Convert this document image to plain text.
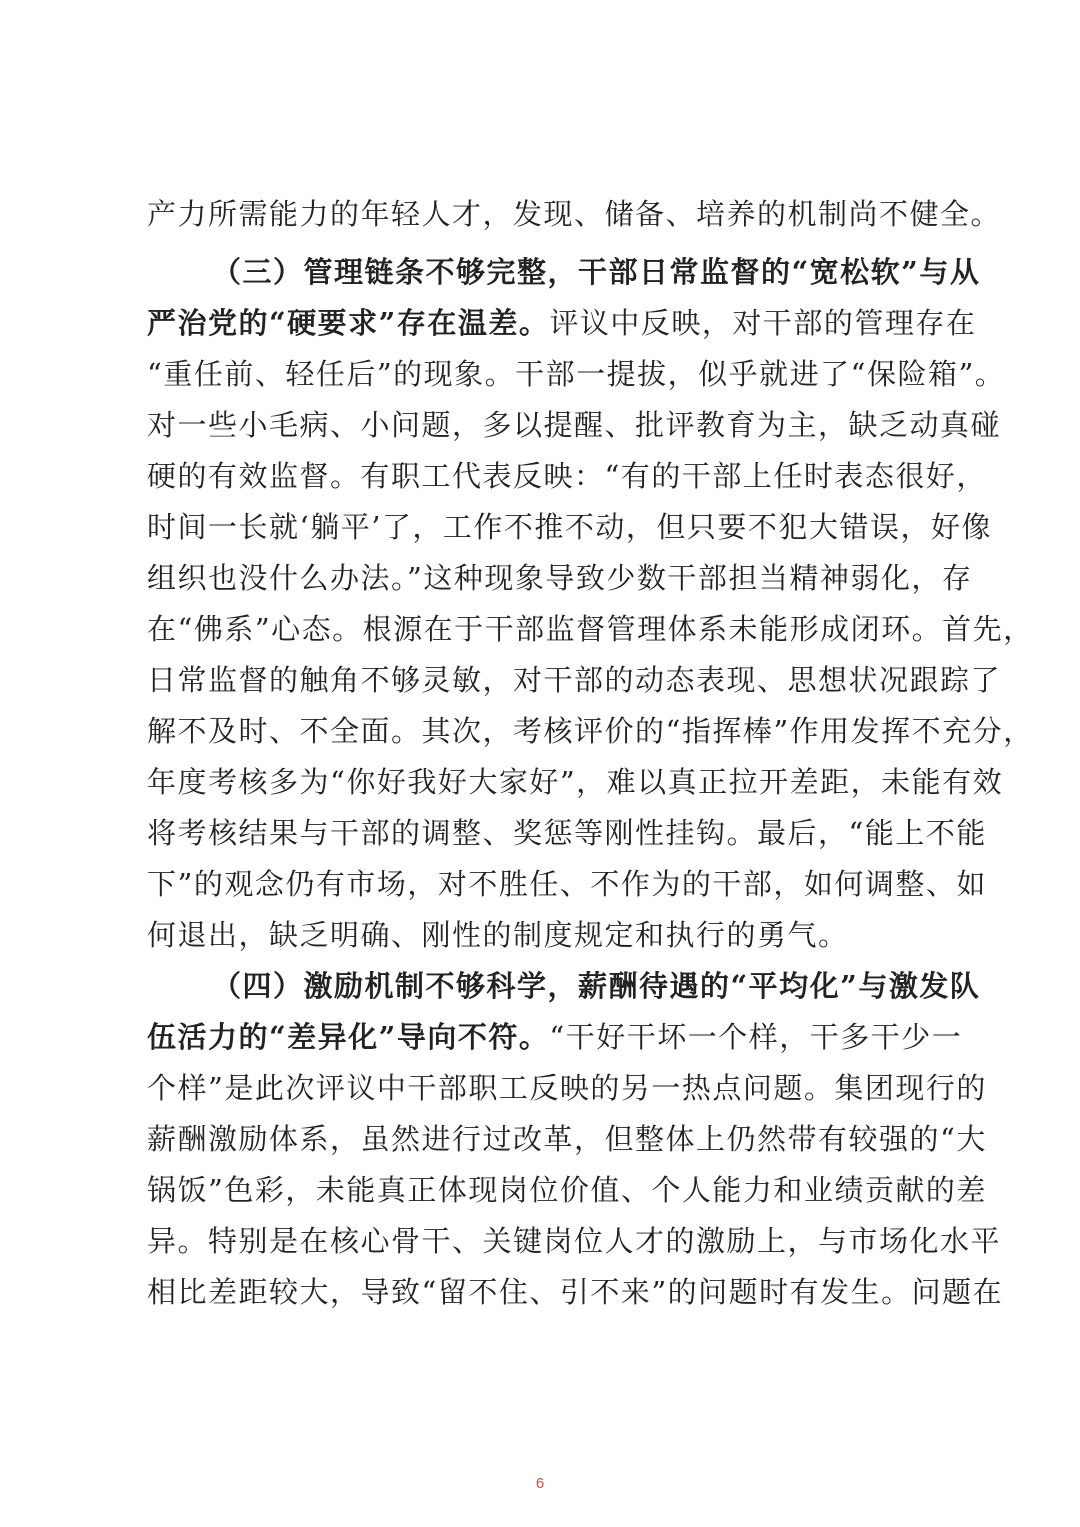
产力所需能力的年轻人才，发现、储备、培养的机制尚不健全。
（三）管理链条不够完整，干部日常监督的“宽松软”与从
严治党的“硬要求”存在温差。评议中反映，对干部的管理存在
“重任前、轻任后”的现象。干部一提拔，似乎就进了“保险箱”。
对一些小毛病、小问题，多以提醒、批评教育为主，缺乏动真碰
硬的有效监督。有职工代表反映：“有的干部上任时表态很好，
时间一长就‘躺平’了，工作不推不动，但只要不犯大错误，好像
组织也没什么办法。”这种现象导致少数干部担当精神弱化，存
在“佛系”心态。根源在于干部监督管理体系未能形成闭环。首先，
日常监督的触角不够灵敏，对干部的动态表现、思想状况跟踪了
解不及时、不全面。其次，考核评价的“指挥棒”作用发挥不充分，
年度考核多为“你好我好大家好”，难以真正拉开差距，未能有效
将考核结果与干部的调整、奖惩等刚性挂钩。最后，“能上不能
下”的观念仍有市场，对不胜任、不作为的干部，如何调整、如
何退出，缺乏明确、刚性的制度规定和执行的勇气。
（四）激励机制不够科学，薪酬待遇的“平均化”与激发队
伍活力的“差异化”导向不符。“干好干坏一个样，干多干少一
个样”是此次评议中干部职工反映的另一热点问题。集团现行的
薪酬激励体系，虽然进行过改革，但整体上仍然带有较强的“大
锅饭”色彩，未能真正体现岗位价值、个人能力和业绩贡献的差
异。特别是在核心骨干、关键岗位人才的激励上，与市场化水平
相比差距较大，导致“留不住、引不来”的问题时有发生。问题在
6
